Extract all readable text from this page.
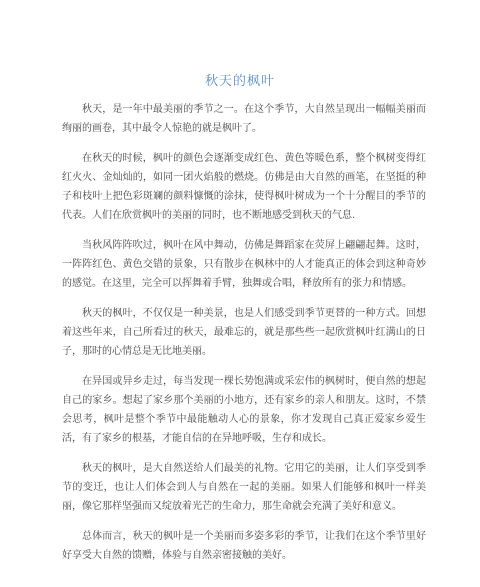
秋天的枫叶

秋天，是一年中最美丽的季节之一。在这个季节，大自然呈现出一幅幅美丽而绚丽的画卷，其中最令人惊艳的就是枫叶了。

在秋天的时候，枫叶的颜色会逐渐变成红色、黄色等暖色系，整个枫树变得红红火火、金灿灿的，如同一团火焰般的燃烧。仿佛是由大自然的画笔，在坚挺的种子和枝叶上把色彩斑斓的颜料慷慨的涂抹，使得枫叶树成为一个十分醒目的季节的代表。人们在欣赏枫叶的美丽的同时，也不断地感受到秋天的气息.

当秋风阵阵吹过，枫叶在风中舞动，仿佛是舞蹈家在荧屏上翩翩起舞。这时，一阵阵红色、黄色交错的景象，只有散步在枫林中的人才能真正的体会到这种奇妙的感觉。在这里，完全可以挥舞着手臂，独舞或合唱，释放所有的张力和情感。

秋天的枫叶，不仅仅是一种美景，也是人们感受到季节更替的一种方式。回想着这些年来，自己所看过的秋天，最难忘的，就是那些些一起欣赏枫叶红满山的日子，那时的心情总是无比地美丽。

在异国或异乡走过，每当发现一棵长势饱满或采宏伟的枫树时，便自然的想起自己的家乡。想起了家乡那个美丽的小地方，还有家乡的亲人和朋友。这时，不禁会思考，枫叶是整个季节中最能触动人心的景象，你才发现自己真正爱家乡爱生活，有了家乡的根基，才能自信的在异地呼吸，生存和成长。

秋天的枫叶，是大自然送给人们最美的礼物。它用它的美丽，让人们享受到季节的变迁，也让人们体会到人与自然在一起的美丽。如果人们能够和枫叶一样美丽，像它那样坚强而又绽放着光芒的生命力，那生命就会充满了美好和意义。

总体而言，秋天的枫叶是一个美丽而多姿多彩的季节，让我们在这个季节里好好享受大自然的馈赠，体验与自然亲密接触的美好。
